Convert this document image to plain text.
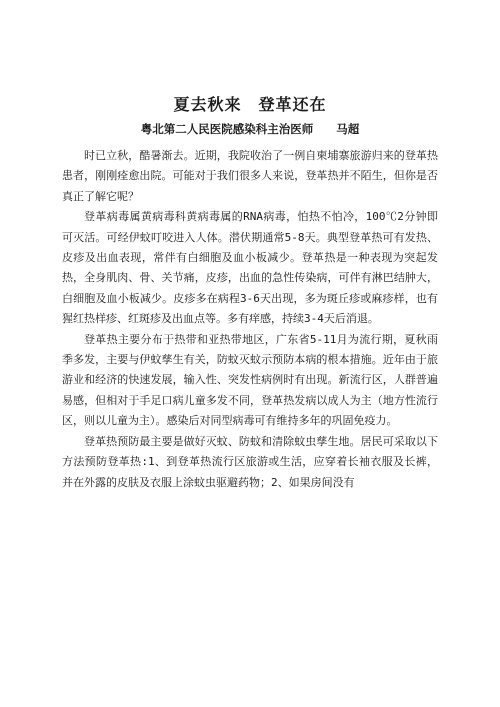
夏去秋来　登革还在
粤北第二人民医院感染科主治医师　　马超

时已立秋，酷暑渐去。近期，我院收治了一例自柬埔寨旅游归来的登革热患者，刚刚痊愈出院。可能对于我们很多人来说，登革热并不陌生，但你是否真正了解它呢？

登革病毒属黄病毒科黄病毒属的RNA病毒，怕热不怕冷，100℃2分钟即可灭活。可经伊蚊叮咬进入人体。潜伏期通常5-8天。典型登革热可有发热、皮疹及出血表现，常伴有白细胞及血小板减少。登革热是一种表现为突起发热，全身肌肉、骨、关节痛，皮疹，出血的急性传染病，可伴有淋巴结肿大，白细胞及血小板减少。皮疹多在病程3-6天出现，多为斑丘疹或麻疹样，也有猩红热样疹、红斑疹及出血点等。多有痒感，持续3-4天后消退。

登革热主要分布于热带和亚热带地区，广东省5-11月为流行期，夏秋雨季多发，主要与伊蚊孳生有关，防蚊灭蚊示预防本病的根本措施。近年由于旅游业和经济的快速发展，输入性、突发性病例时有出现。新流行区，人群普遍易感，但相对于手足口病儿童多发不同，登革热发病以成人为主（地方性流行区，则以儿童为主）。感染后对同型病毒可有维持多年的巩固免疫力。

登革热预防最主要是做好灭蚊、防蚊和清除蚊虫孳生地。居民可采取以下方法预防登革热:1、到登革热流行区旅游或生活，应穿着长袖衣服及长裤，并在外露的皮肤及衣服上涂蚊虫驱避药物；2、如果房间没有
